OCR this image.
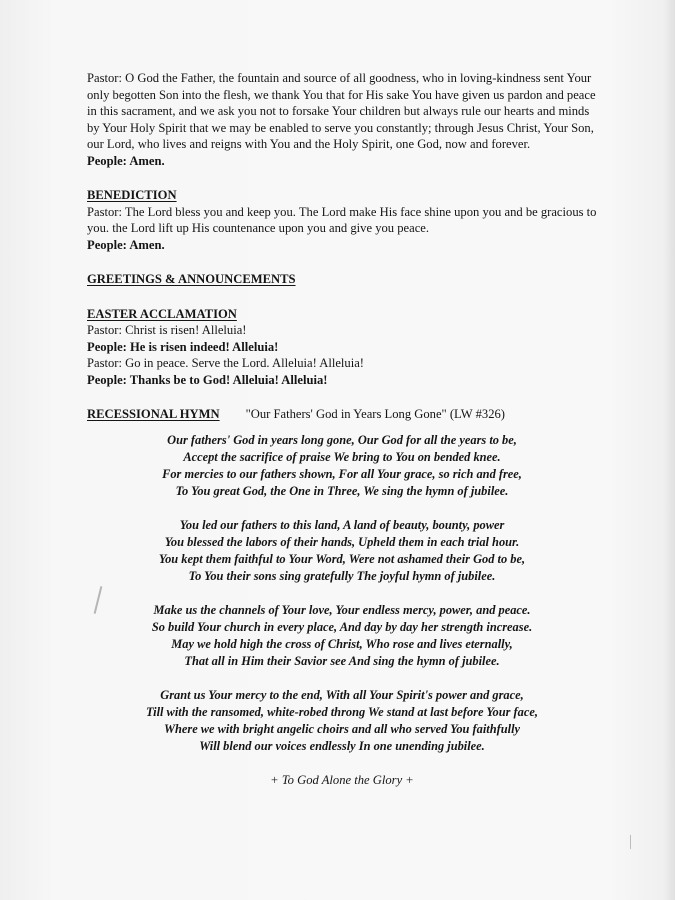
Pastor: O God the Father, the fountain and source of all goodness, who in loving-kindness sent Your only begotten Son into the flesh, we thank You that for His sake You have given us pardon and peace in this sacrament, and we ask you not to forsake Your children but always rule our hearts and minds by Your Holy Spirit that we may be enabled to serve you constantly; through Jesus Christ, Your Son, our Lord, who lives and reigns with You and the Holy Spirit, one God, now and forever.

People: Amen.

BENEDICTION

Pastor: The Lord bless you and keep you. The Lord make His face shine upon you and be gracious to you. the Lord lift up His countenance upon you and give you peace.

People: Amen.

GREETINGS & ANNOUNCEMENTS

EASTER ACCLAMATION

Pastor: Christ is risen! Alleluia!

People: He is risen indeed! Alleluia!

Pastor: Go in peace. Serve the Lord. Alleluia! Alleluia!

People: Thanks be to God! Alleluia! Alleluia!

RECESSIONAL HYMN "Our Fathers' God in Years Long Gone" (LW #326)
Our fathers' God in years long gone, Our God for all the years to be,
Accept the sacrifice of praise We bring to You on bended knee.
For mercies to our fathers shown, For all Your grace, so rich and free,
To You great God, the One in Three, We sing the hymn of jubilee.
You led our fathers to this land, A land of beauty, bounty, power
You blessed the labors of their hands, Upheld them in each trial hour.
You kept them faithful to Your Word, Were not ashamed their God to be,
To You their sons sing gratefully The joyful hymn of jubilee.
Make us the channels of Your love, Your endless mercy, power, and peace.
So build Your church in every place, And day by day her strength increase.
May we hold high the cross of Christ, Who rose and lives eternally,
That all in Him their Savior see And sing the hymn of jubilee.
Grant us Your mercy to the end, With all Your Spirit's power and grace,
Till with the ransomed, white-robed throng We stand at last before Your face,
Where we with bright angelic choirs and all who served You faithfully
Will blend our voices endlessly In one unending jubilee.

+ To God Alone the Glory +
